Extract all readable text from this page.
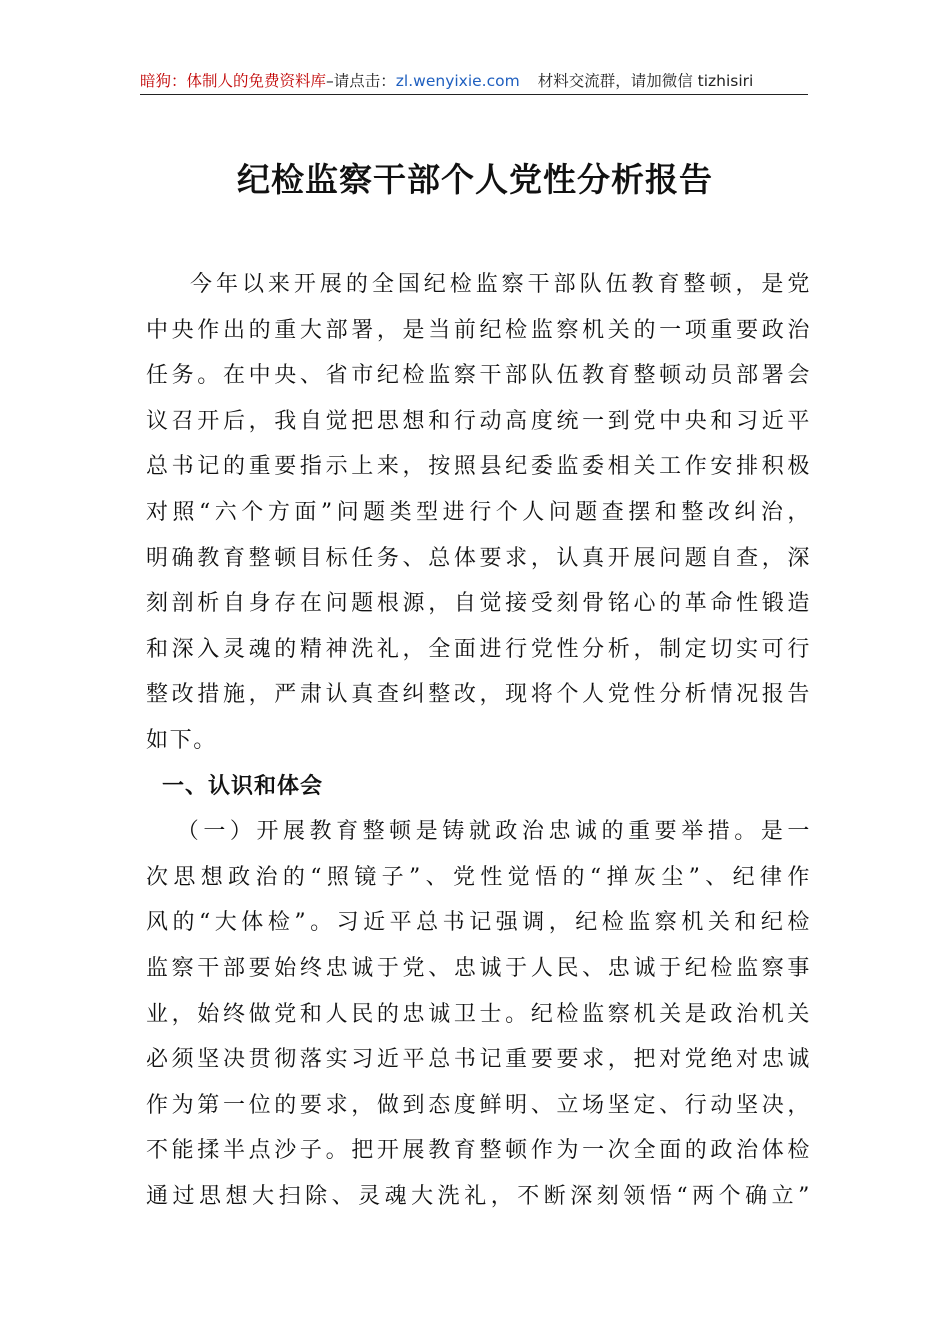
暗狗：体制人的免费资料库–请点击：zl.wenyixie.com 材料交流群，请加微信 tizhisiri
纪检监察干部个人党性分析报告
今年以来开展的全国纪检监察干部队伍教育整顿，是党
中央作出的重大部署，是当前纪检监察机关的一项重要政治
任务。在中央、省市纪检监察干部队伍教育整顿动员部署会
议召开后，我自觉把思想和行动高度统一到党中央和习近平
总书记的重要指示上来，按照县纪委监委相关工作安排积极
对照“六个方面”问题类型进行个人问题查摆和整改纠治，
明确教育整顿目标任务、总体要求，认真开展问题自查，深
刻剖析自身存在问题根源，自觉接受刻骨铭心的革命性锻造
和深入灵魂的精神洗礼，全面进行党性分析，制定切实可行
整改措施，严肃认真查纠整改，现将个人党性分析情况报告
如下。
一、认识和体会
（一）开展教育整顿是铸就政治忠诚的重要举措。是一
次思想政治的“照镜子”、党性觉悟的“掸灰尘”、纪律作
风的“大体检”。习近平总书记强调，纪检监察机关和纪检
监察干部要始终忠诚于党、忠诚于人民、忠诚于纪检监察事
业，始终做党和人民的忠诚卫士。纪检监察机关是政治机关
必须坚决贯彻落实习近平总书记重要要求，把对党绝对忠诚
作为第一位的要求，做到态度鲜明、立场坚定、行动坚决，
不能揉半点沙子。把开展教育整顿作为一次全面的政治体检
通过思想大扫除、灵魂大洗礼，不断深刻领悟“两个确立”
